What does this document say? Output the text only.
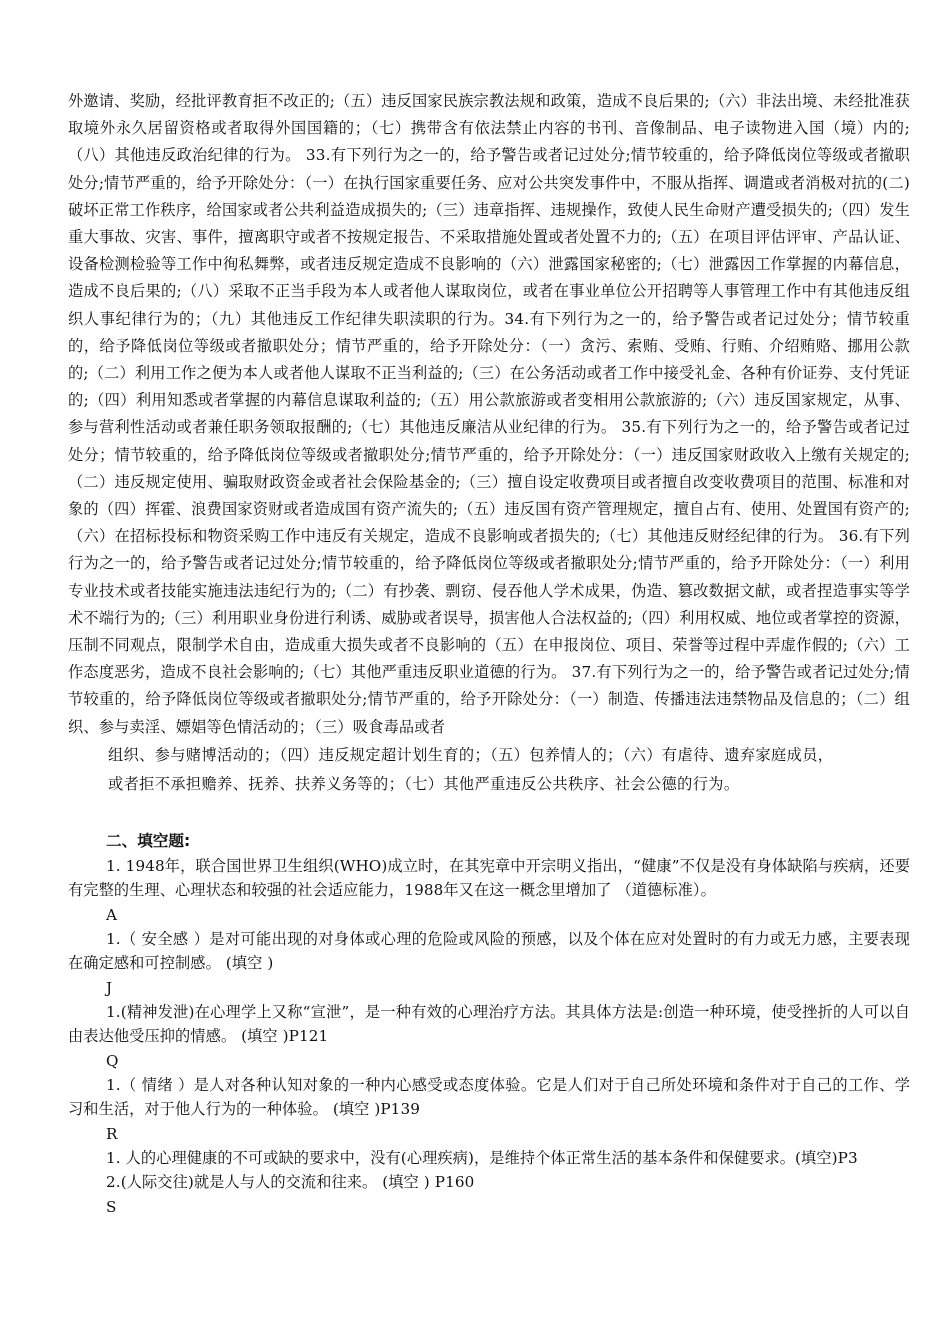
外邀请、奖励，经批评教育拒不改正的;（五）违反国家民族宗教法规和政策，造成不良后果的;（六）非法出境、未经批准获取境外永久居留资格或者取得外国国籍的；（七）携带含有依法禁止内容的书刊、音像制品、电子读物进入国（境）内的;（八）其他违反政治纪律的行为。 33.有下列行为之一的，给予警告或者记过处分;情节较重的，给予降低岗位等级或者撤职处分;情节严重的，给予开除处分：（一）在执行国家重要任务、应对公共突发事件中，不服从指挥、调遣或者消极对抗的(二)破坏正常工作秩序，给国家或者公共利益造成损失的;（三）违章指挥、违规操作，致使人民生命财产遭受损失的;（四）发生重大事故、灾害、事件，擅离职守或者不按规定报告、不采取措施处置或者处置不力的;（五）在项目评估评审、产品认证、设备检测检验等工作中徇私舞弊，或者违反规定造成不良影响的（六）泄露国家秘密的;（七）泄露因工作掌握的内幕信息，造成不良后果的;（八）采取不正当手段为本人或者他人谋取岗位，或者在事业单位公开招聘等人事管理工作中有其他违反组织人事纪律行为的；（九）其他违反工作纪律失职渎职的行为。34.有下列行为之一的，给予警告或者记过处分；情节较重的，给予降低岗位等级或者撤职处分；情节严重的，给予开除处分：（一）贪污、索贿、受贿、行贿、介绍贿赂、挪用公款的;（二）利用工作之便为本人或者他人谋取不正当利益的;（三）在公务活动或者工作中接受礼金、各种有价证券、支付凭证的;（四）利用知悉或者掌握的内幕信息谋取利益的;（五）用公款旅游或者变相用公款旅游的;（六）违反国家规定，从事、参与营利性活动或者兼任职务领取报酬的;（七）其他违反廉洁从业纪律的行为。 35.有下列行为之一的，给予警告或者记过处分；情节较重的，给予降低岗位等级或者撤职处分;情节严重的，给予开除处分：（一）违反国家财政收入上缴有关规定的;（二）违反规定使用、骗取财政资金或者社会保险基金的;（三）擅自设定收费项目或者擅自改变收费项目的范围、标准和对象的（四）挥霍、浪费国家资财或者造成国有资产流失的;（五）违反国有资产管理规定，擅自占有、使用、处置国有资产的;（六）在招标投标和物资采购工作中违反有关规定，造成不良影响或者损失的;（七）其他违反财经纪律的行为。 36.有下列行为之一的，给予警告或者记过处分;情节较重的，给予降低岗位等级或者撤职处分;情节严重的，给予开除处分：（一）利用专业技术或者技能实施违法违纪行为的;（二）有抄袭、剽窃、侵吞他人学术成果，伪造、篡改数据文献，或者捏造事实等学术不端行为的;（三）利用职业身份进行利诱、威胁或者误导，损害他人合法权益的;（四）利用权威、地位或者掌控的资源，压制不同观点，限制学术自由，造成重大损失或者不良影响的（五）在申报岗位、项目、荣誉等过程中弄虚作假的;（六）工作态度恶劣，造成不良社会影响的;（七）其他严重违反职业道德的行为。 37.有下列行为之一的，给予警告或者记过处分;情节较重的，给予降低岗位等级或者撤职处分;情节严重的，给予开除处分：（一）制造、传播违法违禁物品及信息的；（二）组织、参与卖淫、嫖娼等色情活动的；（三）吸食毒品或者

组织、参与赌博活动的；（四）违反规定超计划生育的；（五）包养情人的；（六）有虐待、遗弃家庭成员，

或者拒不承担赡养、抚养、扶养义务等的；（七）其他严重违反公共秩序、社会公德的行为。

二、填空题:

1. 1948年，联合国世界卫生组织(WHO)成立时，在其宪章中开宗明义指出，“健康”不仅是没有身体缺陷与疾病，还要有完整的生理、心理状态和较强的社会适应能力，1988年又在这一概念里增加了 （道德标准）。

A

1.（ 安全感 ）是对可能出现的对身体或心理的危险或风险的预感，以及个体在应对处置时的有力或无力感，主要表现在确定感和可控制感。 (填空 )

J

1.(精神发泄)在心理学上又称“宣泄”，是一种有效的心理治疗方法。其具体方法是:创造一种环境，使受挫折的人可以自由表达他受压抑的情感。 (填空 )P121

Q

1.（ 情绪 ）是人对各种认知对象的一种内心感受或态度体验。它是人们对于自己所处环境和条件对于自己的工作、学习和生活，对于他人行为的一种体验。 (填空 )P139

R

1. 人的心理健康的不可或缺的要求中，没有(心理疾病)，是维持个体正常生活的基本条件和保健要求。(填空)P3

2.(人际交往)就是人与人的交流和往来。 (填空 ) P160

S
